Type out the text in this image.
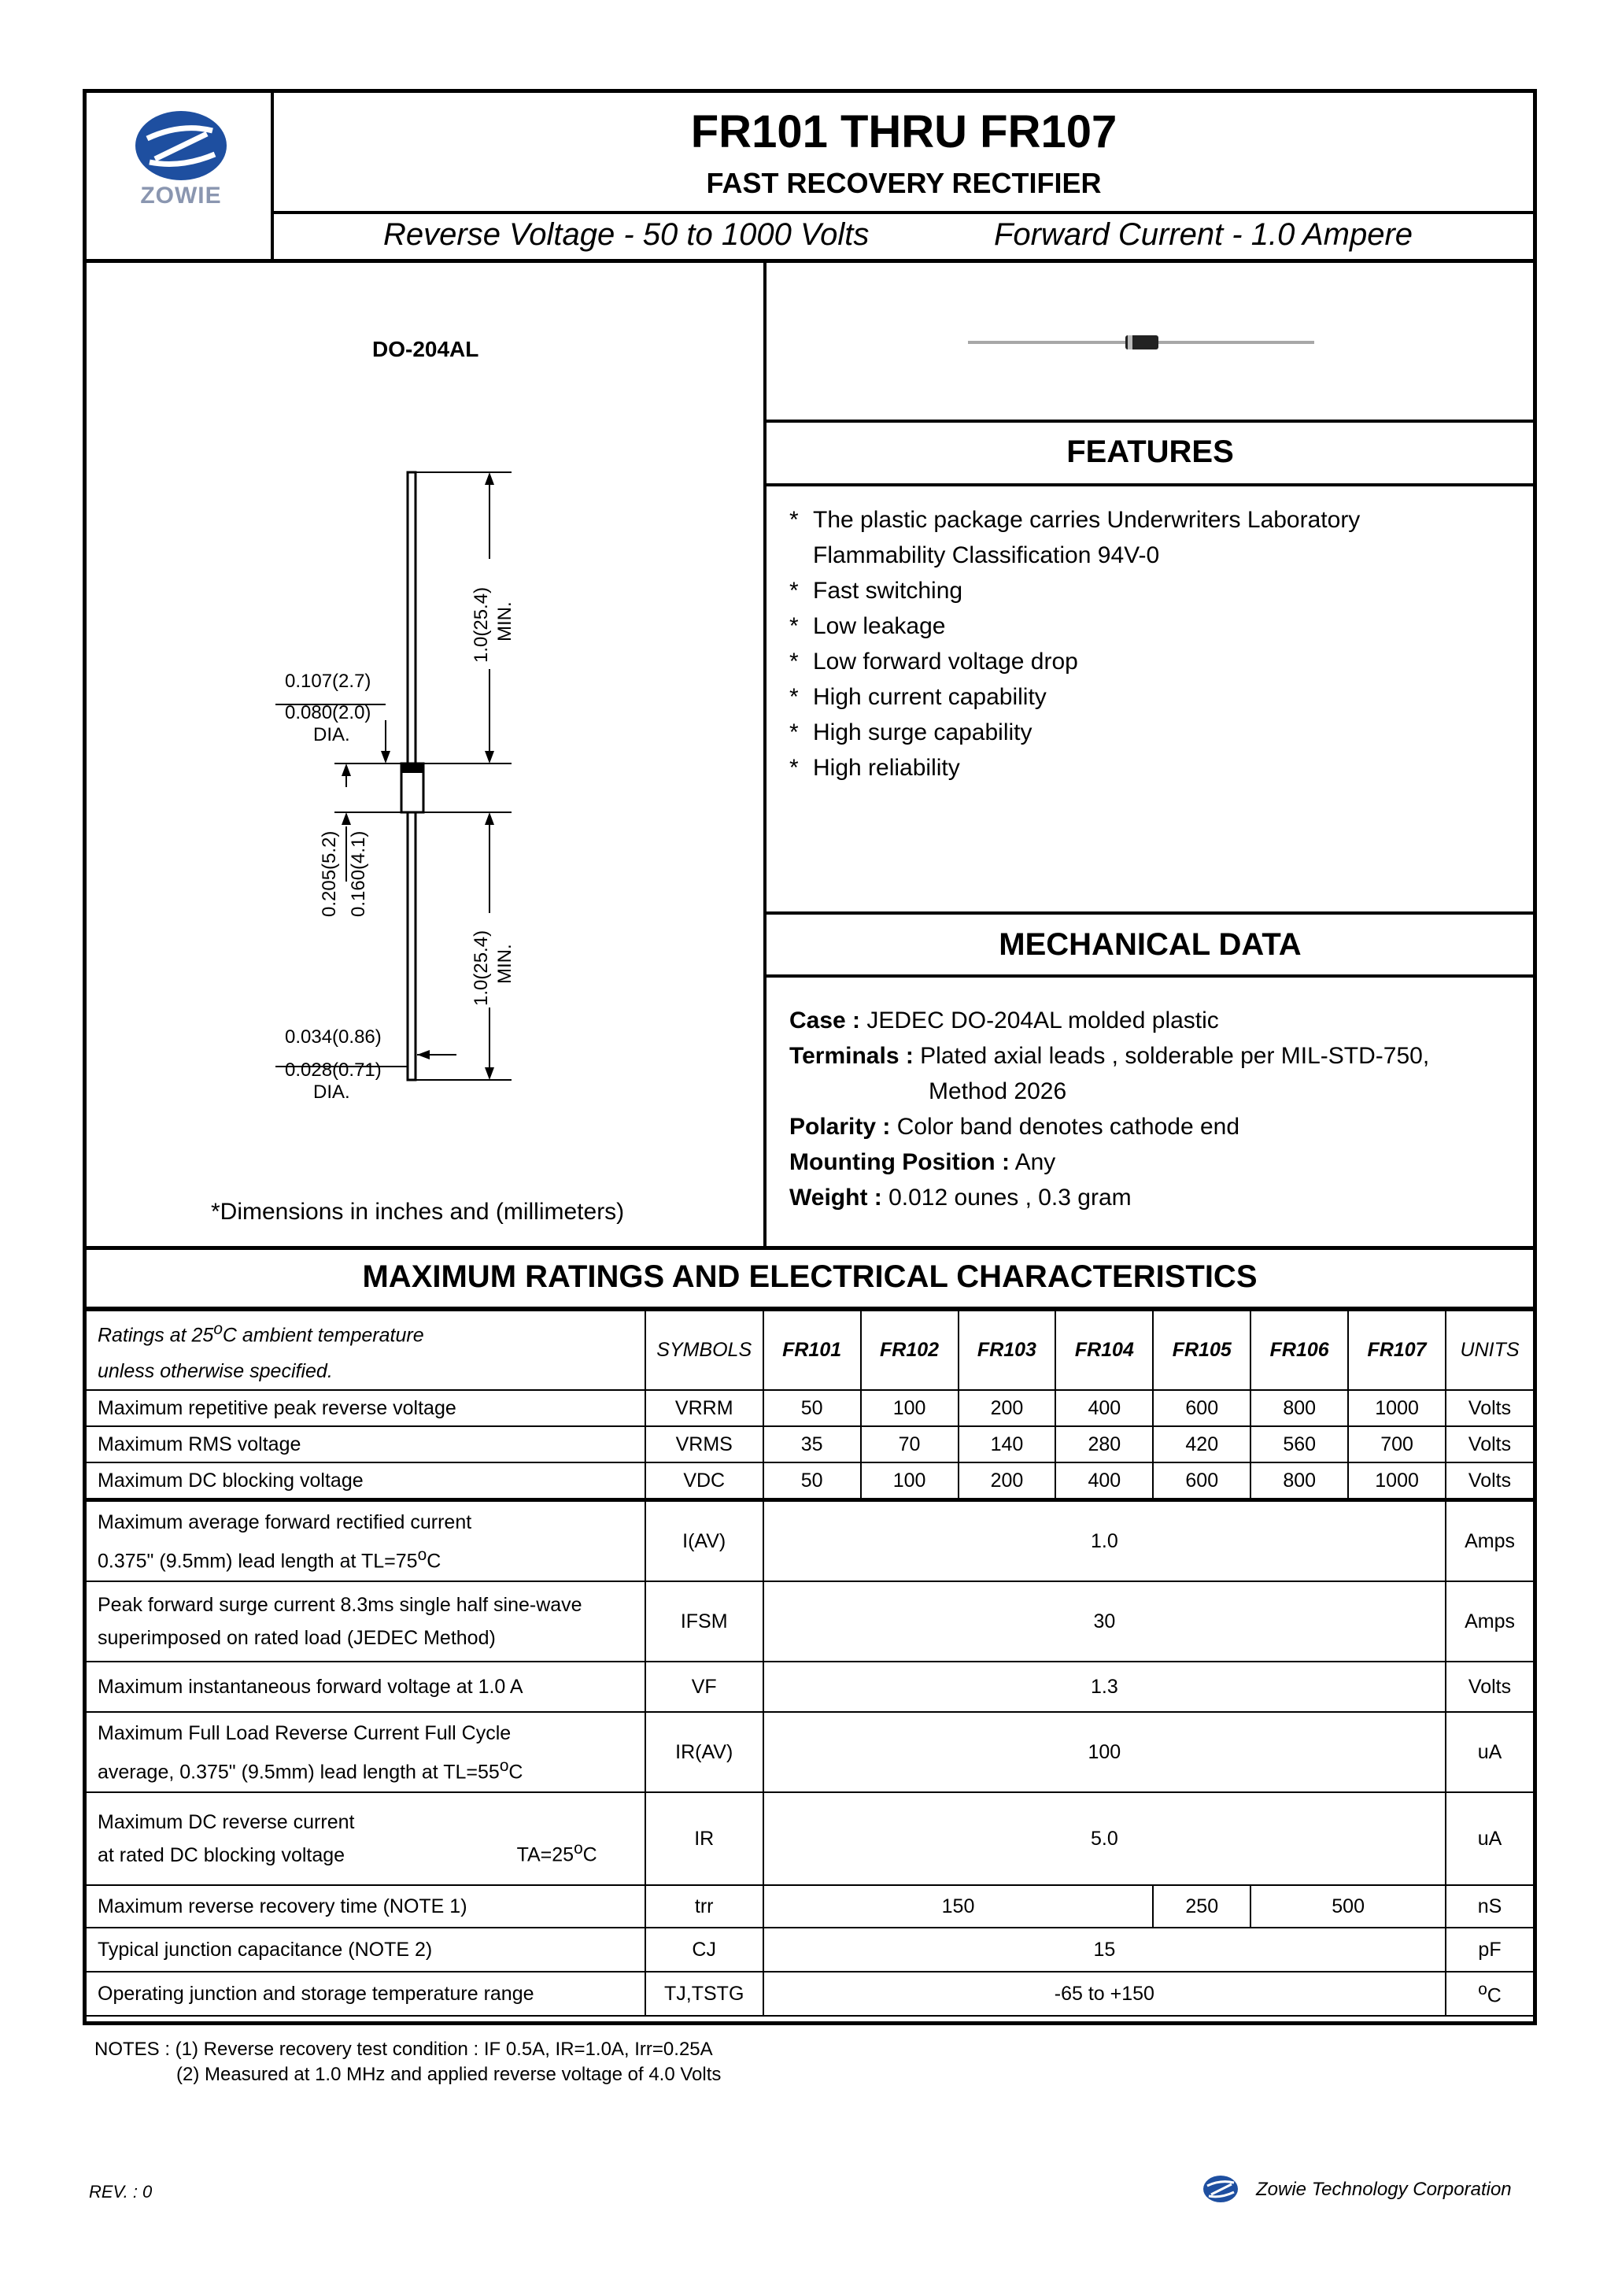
ZOWIE
FR101 THRU FR107
FAST RECOVERY RECTIFIER
Reverse Voltage - 50 to 1000 Volts	Forward Current - 1.0 Ampere
DO-204AL
1.0(25.4) MIN.
0.107(2.7)
0.080(2.0)
DIA.
0.205(5.2) 0.160(4.1)
1.0(25.4) MIN.
0.034(0.86)
0.028(0.71)
DIA.
*Dimensions in inches and (millimeters)
FEATURES
* The plastic package carries Underwriters Laboratory
Flammability Classification 94V-0
* Fast switching
* Low leakage
* Low forward voltage drop
* High current capability
* High surge capability
* High reliability
MECHANICAL DATA
Case : JEDEC DO-204AL molded plastic
Terminals : Plated axial leads , solderable per MIL-STD-750,
Method 2026
Polarity : Color band denotes cathode end
Mounting Position : Any
Weight : 0.012 ounes , 0.3 gram
MAXIMUM RATINGS AND ELECTRICAL CHARACTERISTICS
Ratings at 25$^o$C ambient temperature
unless otherwise specified.	SYMBOLS	FR101	FR102	FR103	FR104	FR105	FR106	FR107	UNITS
Maximum repetitive peak reverse voltage	VRRM	50	100	200	400	600	800	1000	Volts
Maximum RMS voltage	VRMS	35	70	140	280	420	560	700	Volts
Maximum DC blocking voltage	VDC	50	100	200	400	600	800	1000	Volts
Maximum average forward rectified current
0.375" (9.5mm) lead length at $TL=75^oC$	I(AV)	1.0							Amps
Peak forward surge current 8.3ms single half sine-wave
superimposed on rated load (JEDEC Method)	IFSM	30							Amps
Maximum instantaneous forward voltage at 1.0 A	VF	1.3							Volts
Maximum Full Load Reverse Current Full Cycle
average, 0.375" (9.5mm) lead length at $TL=55^oC$	IR(AV)	100							uA
Maximum DC reverse current
at rated DC blocking voltage $TA=25^oC$	IR	5.0							uA
Maximum reverse recovery time (NOTE 1)	trr	150				250	500		nS
Typical junction capacitance (NOTE 2)	CJ	15							pF
Operating junction and storage temperature range	TJ,TSTG	-65 to +150							$^o$C
NOTES : (1) Reverse recovery test condition : IF 0.5A, IR=1.0A, Irr=0.25A
(2) Measured at 1.0 MHz and applied reverse voltage of 4.0 Volts
REV. : 0	Zowie Technology Corporation
